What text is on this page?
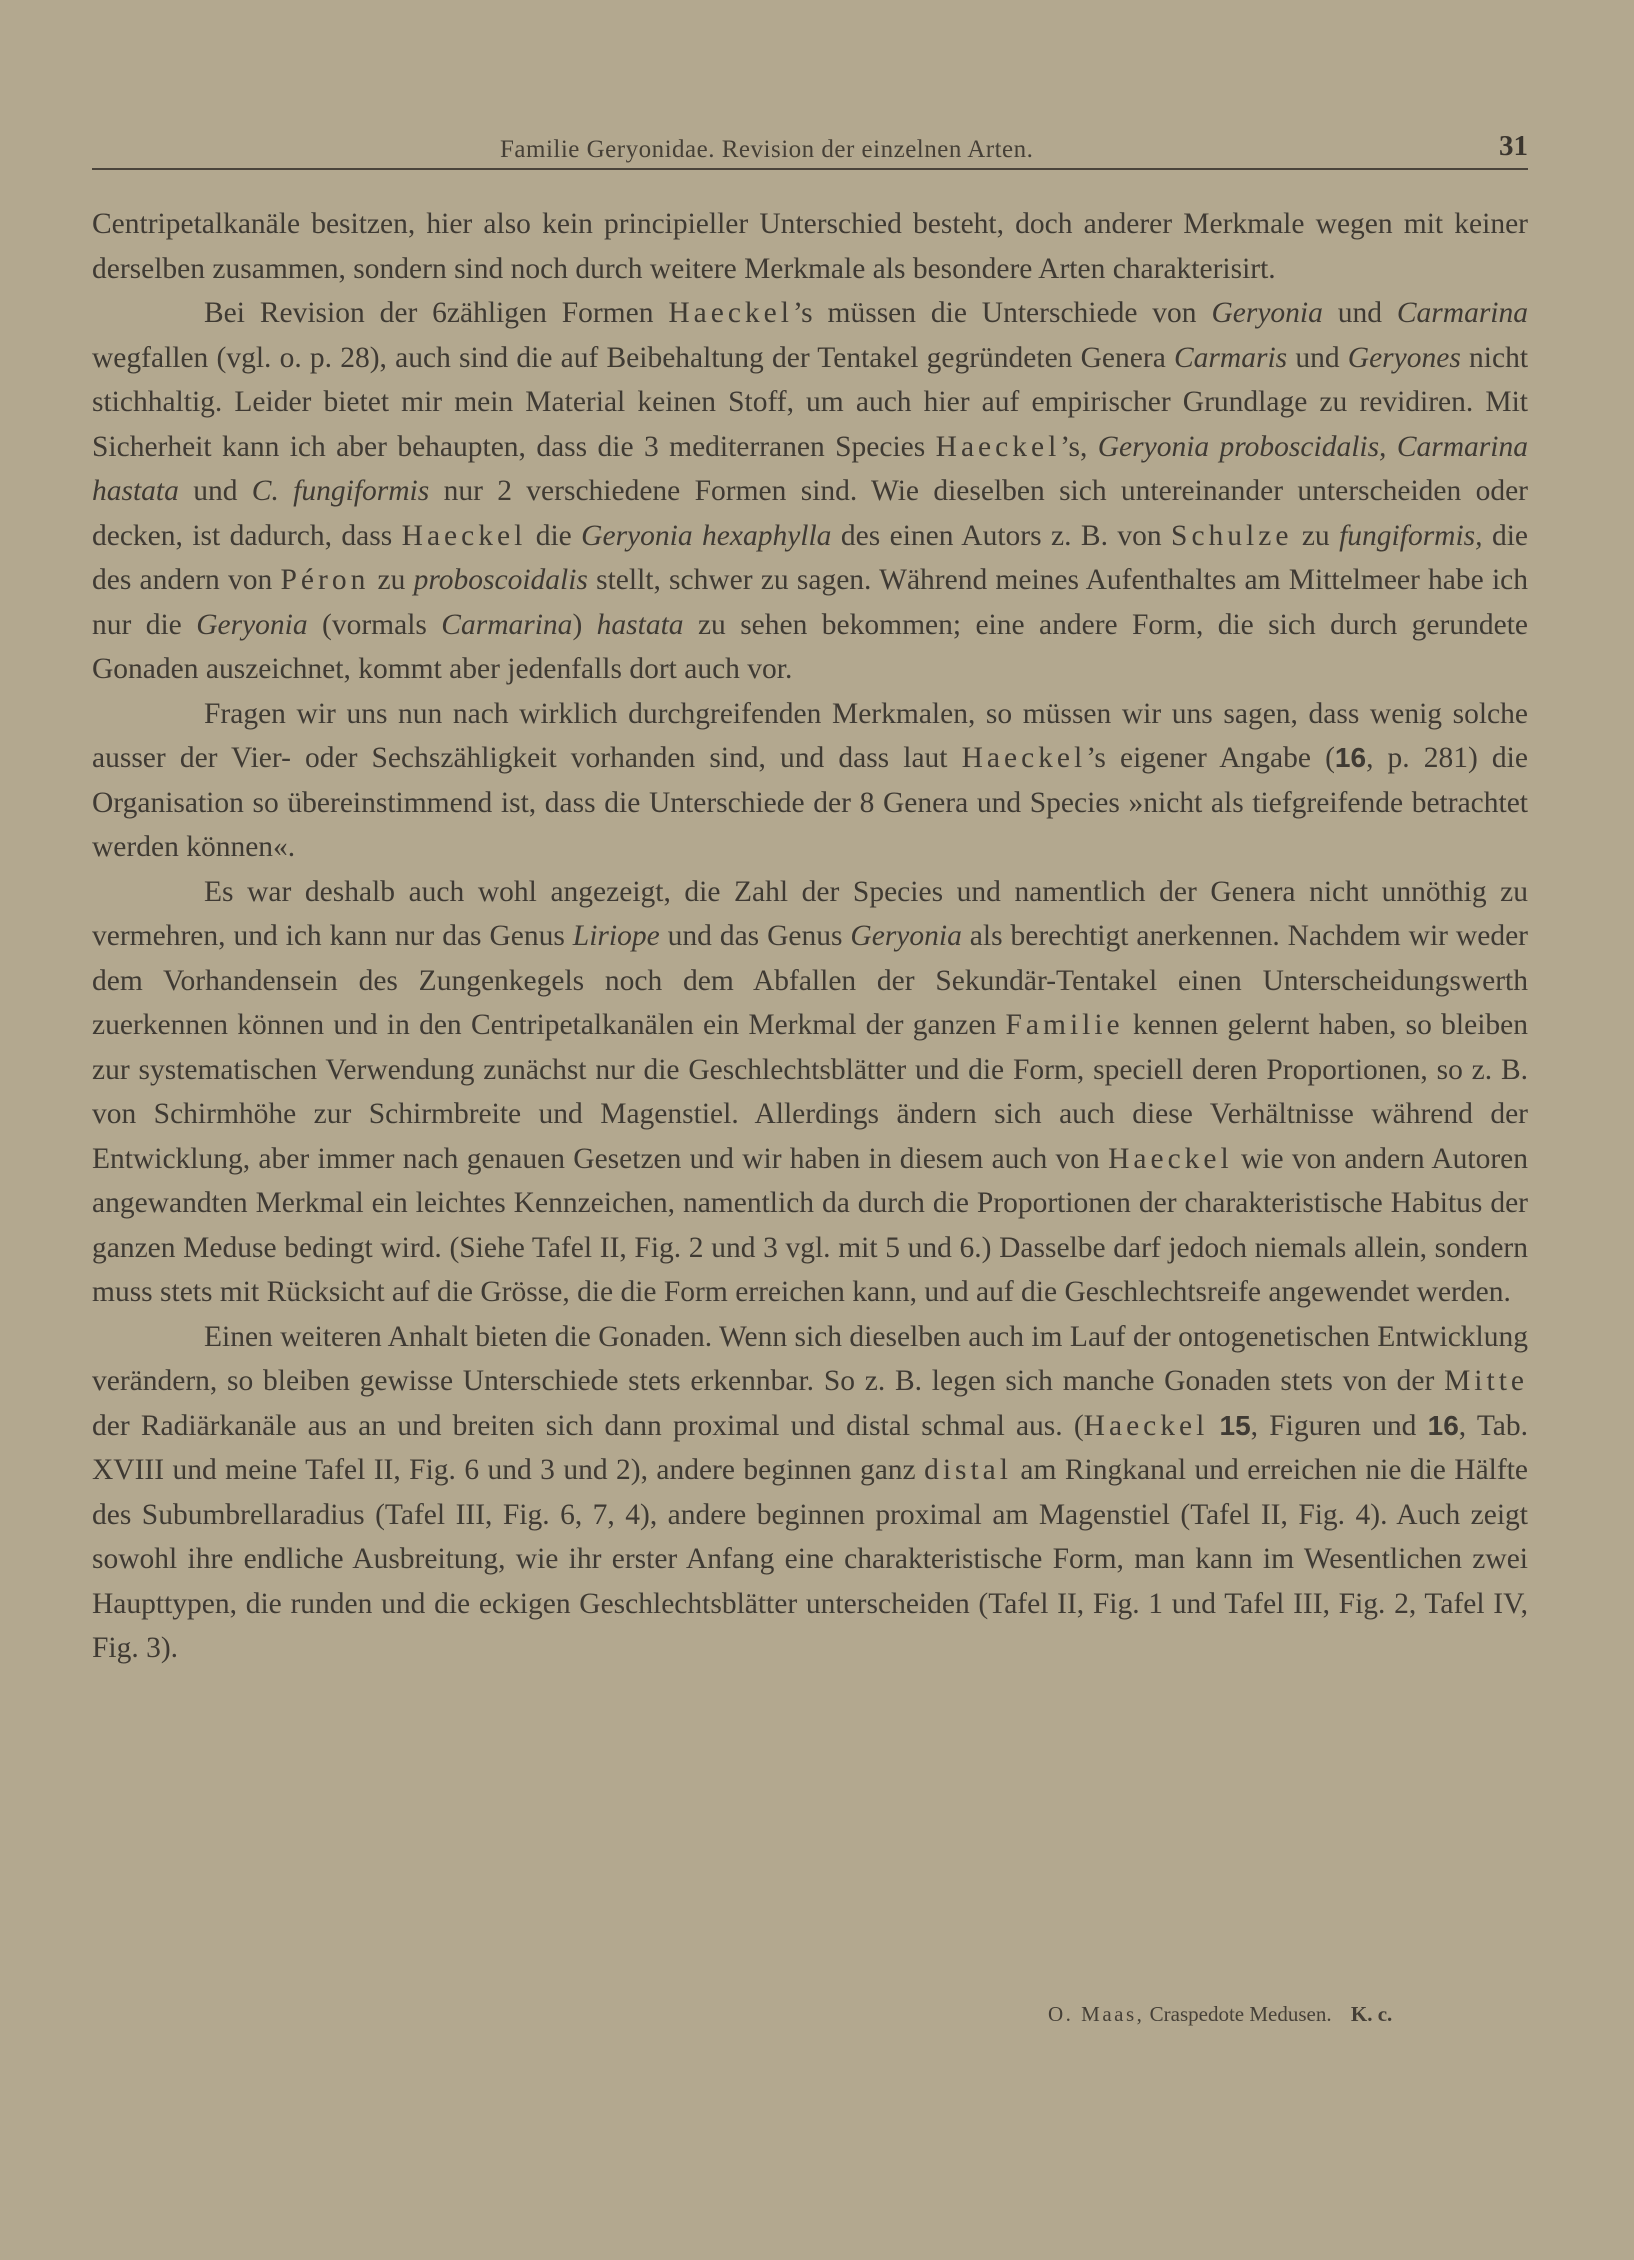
Familie Geryonidae. Revision der einzelnen Arten.	31

Centripetalkanäle besitzen, hier also kein principieller Unterschied besteht, doch anderer Merkmale wegen mit keiner derselben zusammen, sondern sind noch durch weitere Merkmale als besondere Arten charakterisirt.

Bei Revision der 6zähligen Formen Haeckel’s müssen die Unterschiede von Geryonia und Carmarina wegfallen (vgl. o. p. 28), auch sind die auf Beibehaltung der Tentakel gegründeten Genera Carmaris und Geryones nicht stichhaltig. Leider bietet mir mein Material keinen Stoff, um auch hier auf empirischer Grundlage zu revidiren. Mit Sicherheit kann ich aber behaupten, dass die 3 mediterranen Species Haeckel’s, Geryonia proboscidalis, Carmarina hastata und C. fungiformis nur 2 verschiedene Formen sind. Wie dieselben sich untereinander unterscheiden oder decken, ist dadurch, dass Haeckel die Geryonia hexaphylla des einen Autors z. B. von Schulze zu fungiformis, die des andern von Péron zu proboscoidalis stellt, schwer zu sagen. Während meines Aufenthaltes am Mittelmeer habe ich nur die Geryonia (vormals Carmarina) hastata zu sehen bekommen; eine andere Form, die sich durch gerundete Gonaden auszeichnet, kommt aber jedenfalls dort auch vor.

Fragen wir uns nun nach wirklich durchgreifenden Merkmalen, so müssen wir uns sagen, dass wenig solche ausser der Vier- oder Sechszähligkeit vorhanden sind, und dass laut Haeckel’s eigener Angabe (16, p. 281) die Organisation so übereinstimmend ist, dass die Unterschiede der 8 Genera und Species »nicht als tiefgreifende betrachtet werden können«.

Es war deshalb auch wohl angezeigt, die Zahl der Species und namentlich der Genera nicht unnöthig zu vermehren, und ich kann nur das Genus Liriope und das Genus Geryonia als berechtigt anerkennen. Nachdem wir weder dem Vorhandensein des Zungenkegels noch dem Abfallen der Sekundär-Tentakel einen Unterscheidungswerth zuerkennen können und in den Centripetalkanälen ein Merkmal der ganzen Familie kennen gelernt haben, so bleiben zur systematischen Verwendung zunächst nur die Geschlechtsblätter und die Form, speciell deren Proportionen, so z. B. von Schirmhöhe zur Schirmbreite und Magenstiel. Allerdings ändern sich auch diese Verhältnisse während der Entwicklung, aber immer nach genauen Gesetzen und wir haben in diesem auch von Haeckel wie von andern Autoren angewandten Merkmal ein leichtes Kennzeichen, namentlich da durch die Proportionen der charakteristische Habitus der ganzen Meduse bedingt wird. (Siehe Tafel II, Fig. 2 und 3 vgl. mit 5 und 6.) Dasselbe darf jedoch niemals allein, sondern muss stets mit Rücksicht auf die Grösse, die die Form erreichen kann, und auf die Geschlechtsreife angewendet werden.

Einen weiteren Anhalt bieten die Gonaden. Wenn sich dieselben auch im Lauf der ontogenetischen Entwicklung verändern, so bleiben gewisse Unterschiede stets erkennbar. So z. B. legen sich manche Gonaden stets von der Mitte der Radiärkanäle aus an und breiten sich dann proximal und distal schmal aus. (Haeckel 15, Figuren und 16, Tab. XVIII und meine Tafel II, Fig. 6 und 3 und 2), andere beginnen ganz distal am Ringkanal und erreichen nie die Hälfte des Subumbrellaradius (Tafel III, Fig. 6, 7, 4), andere beginnen proximal am Magenstiel (Tafel II, Fig. 4). Auch zeigt sowohl ihre endliche Ausbreitung, wie ihr erster Anfang eine charakteristische Form, man kann im Wesentlichen zwei Haupttypen, die runden und die eckigen Geschlechtsblätter unterscheiden (Tafel II, Fig. 1 und Tafel III, Fig. 2, Tafel IV, Fig. 3).

O. Maas, Craspedote Medusen. K. c.
